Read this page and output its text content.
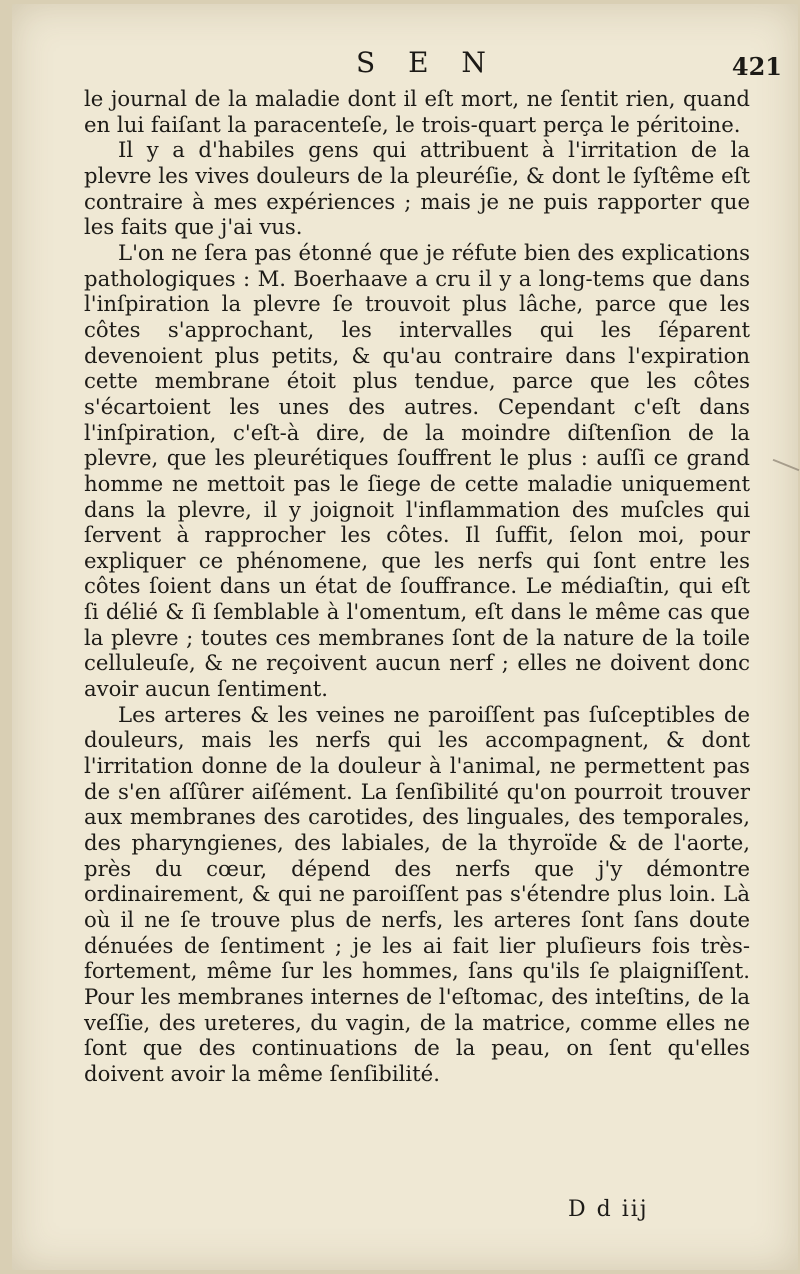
S E N	421

le journal de la maladie dont il eſt mort, ne ſentit rien, quand en lui faiſant la paracenteſe, le trois-quart perça le péritoine.

Il y a d'habiles gens qui attribuent à l'irritation de la plevre les vives douleurs de la pleuréſie, & dont le ſyſtême eſt contraire à mes expériences ; mais je ne puis rapporter que les faits que j'ai vus.

L'on ne ſera pas étonné que je réfute bien des explications pathologiques : M. Boerhaave a cru il y a long-tems que dans l'inſpiration la plevre ſe trouvoit plus lâche, parce que les côtes s'approchant, les intervalles qui les ſéparent devenoient plus petits, & qu'au contraire dans l'expiration cette membrane étoit plus tendue, parce que les côtes s'écartoient les unes des autres. Cependant c'eſt dans l'inſpiration, c'eſt-à dire, de la moindre diſtenſion de la plevre, que les pleurétiques ſouffrent le plus : auſſi ce grand homme ne mettoit pas le ſiege de cette maladie uniquement dans la plevre, il y joignoit l'inflammation des muſcles qui ſervent à rapprocher les côtes. Il ſuffit, ſelon moi, pour expliquer ce phénomene, que les nerfs qui ſont entre les côtes ſoient dans un état de ſouffrance. Le médiaſtin, qui eſt ſi délié & ſi ſemblable à l'omentum, eſt dans le même cas que la plevre ; toutes ces membranes ſont de la nature de la toile celluleuſe, & ne reçoivent aucun nerf ; elles ne doivent donc avoir aucun ſentiment.

Les arteres & les veines ne paroiſſent pas ſuſceptibles de douleurs, mais les nerfs qui les accompagnent, & dont l'irritation donne de la douleur à l'animal, ne permettent pas de s'en aſſûrer aiſément. La ſenſibilité qu'on pourroit trouver aux membranes des carotides, des linguales, des temporales, des pharyngienes, des labiales, de la thyroïde & de l'aorte, près du cœur, dépend des nerfs que j'y démontre ordinairement, & qui ne paroiſſent pas s'étendre plus loin. Là où il ne ſe trouve plus de nerfs, les arteres ſont ſans doute dénuées de ſentiment ; je les ai fait lier pluſieurs fois très-fortement, même ſur les hommes, ſans qu'ils ſe plaigniſſent. Pour les membranes internes de l'eſtomac, des inteſtins, de la veſſie, des ureteres, du vagin, de la matrice, comme elles ne ſont que des continuations de la peau, on ſent qu'elles doivent avoir la même ſenſibilité.

D d iij
